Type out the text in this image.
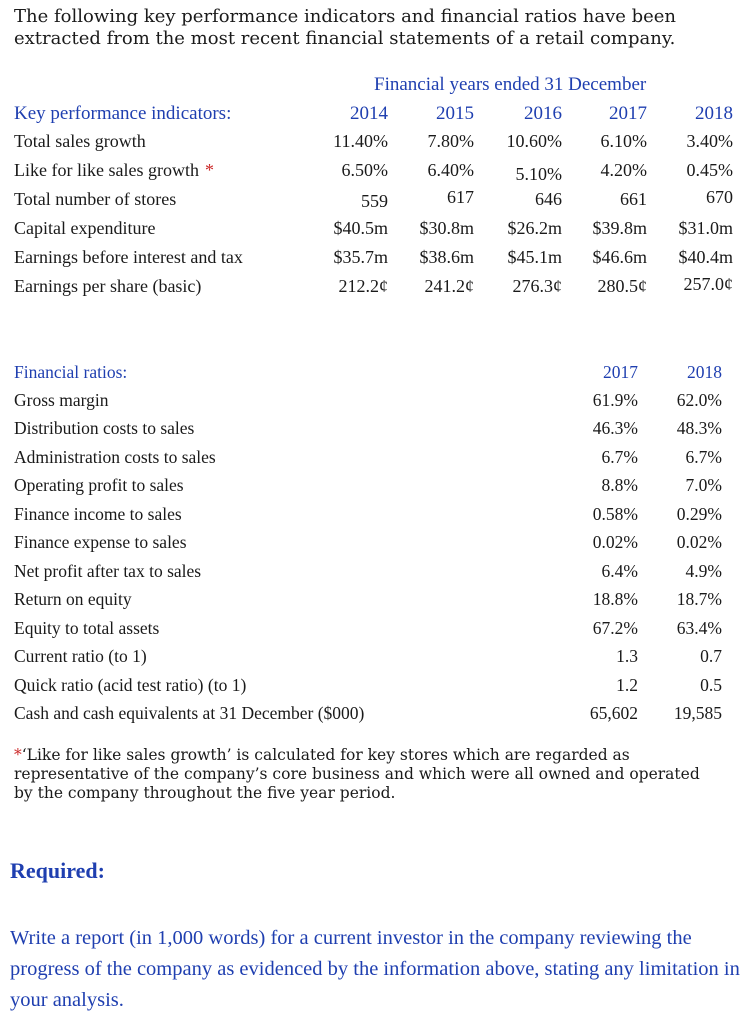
The following key performance indicators and financial ratios have been extracted from the most recent financial statements of a retail company.

Financial years ended 31 December
Key performance indicators:	2014	2015	2016	2017	2018
Total sales growth	11.40%	7.80%	10.60%	6.10%	3.40%
Like for like sales growth *	6.50%	6.40%	5.10%	4.20%	0.45%
Total number of stores	559	617	646	661	670
Capital expenditure	$40.5m	$30.8m	$26.2m	$39.8m	$31.0m
Earnings before interest and tax	$35.7m	$38.6m	$45.1m	$46.6m	$40.4m
Earnings per share (basic)	212.2¢	241.2¢	276.3¢	280.5¢	257.0¢
Financial ratios:	2017	2018
Gross margin	61.9%	62.0%
Distribution costs to sales	46.3%	48.3%
Administration costs to sales	6.7%	6.7%
Operating profit to sales	8.8%	7.0%
Finance income to sales	0.58%	0.29%
Finance expense to sales	0.02%	0.02%
Net profit after tax to sales	6.4%	4.9%
Return on equity	18.8%	18.7%
Equity to total assets	67.2%	63.4%
Current ratio (to 1)	1.3	0.7
Quick ratio (acid test ratio) (to 1)	1.2	0.5
Cash and cash equivalents at 31 December ($000)	65,602	19,585

*‘Like for like sales growth’ is calculated for key stores which are regarded as representative of the company’s core business and which were all owned and operated by the company throughout the five year period.

Required:

Write a report (in 1,000 words) for a current investor in the company reviewing the progress of the company as evidenced by the information above, stating any limitation in your analysis.
